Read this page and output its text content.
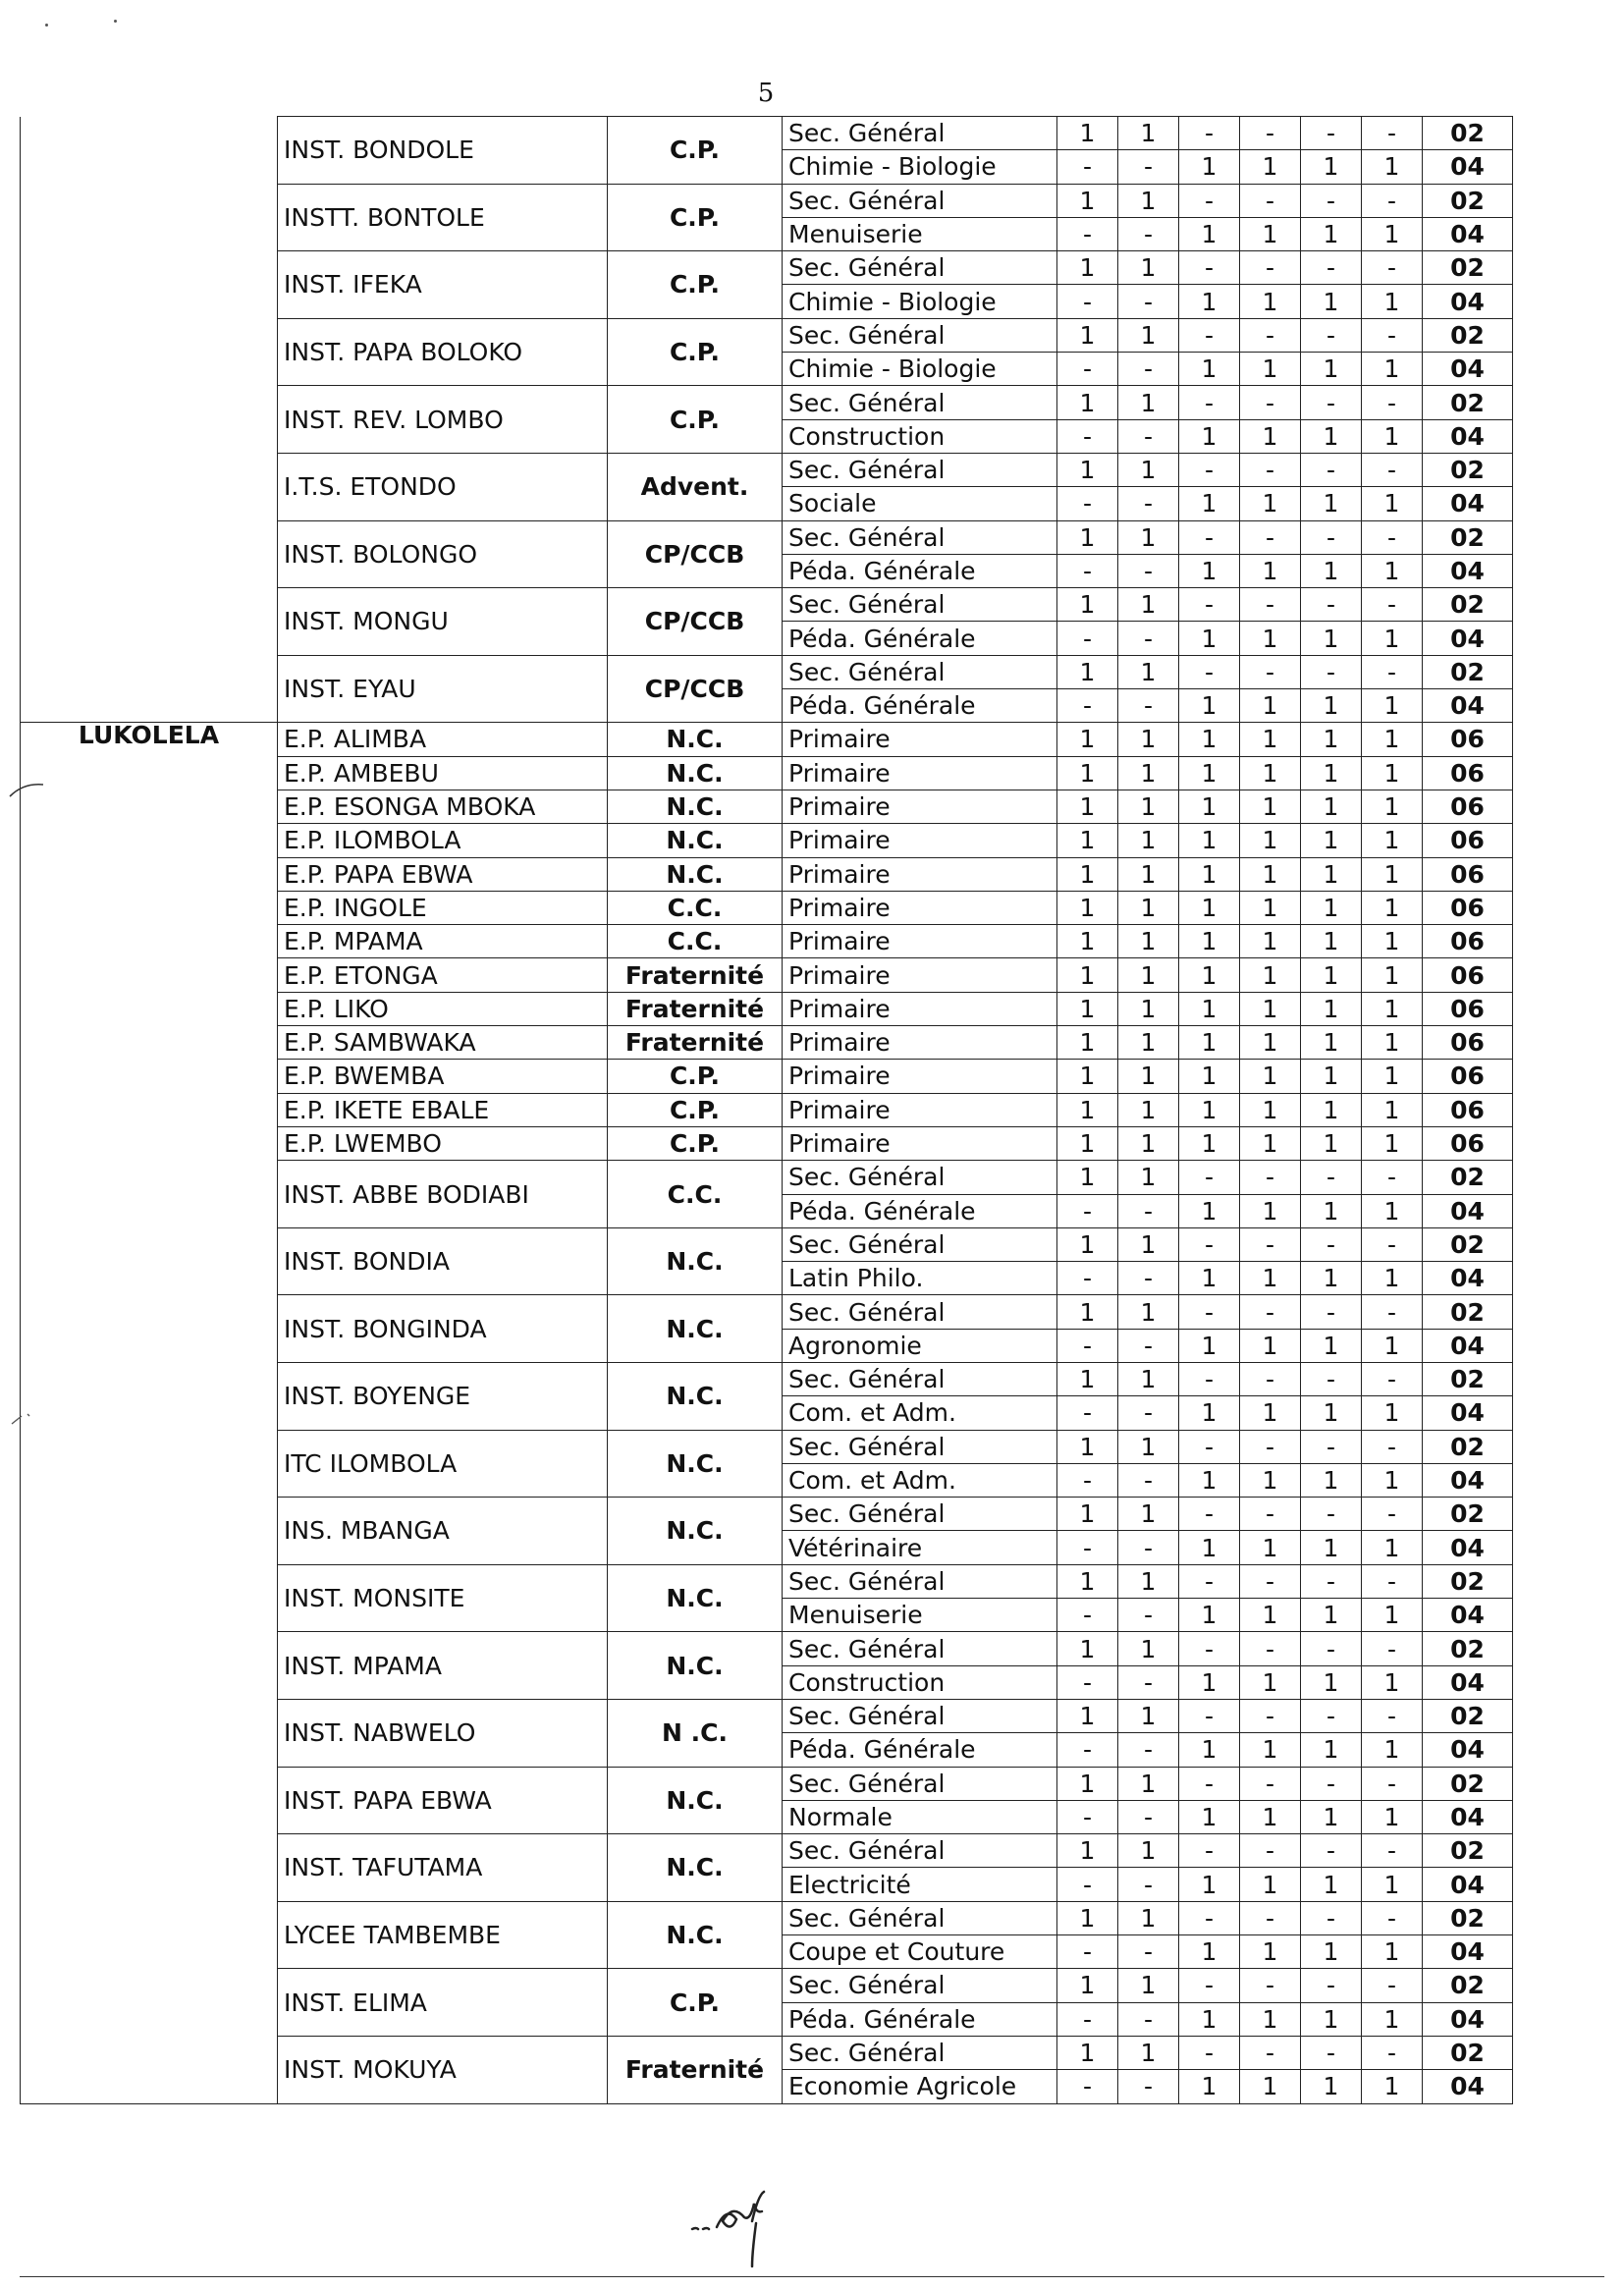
5
	INST. BONDOLE	C.P.	Sec. Général	1	1	-	-	-	-	02
			Chimie - Biologie	-	-	1	1	1	1	04
	INSTT. BONTOLE	C.P.	Sec. Général	1	1	-	-	-	-	02
			Menuiserie	-	-	1	1	1	1	04
	INST. IFEKA	C.P.	Sec. Général	1	1	-	-	-	-	02
			Chimie - Biologie	-	-	1	1	1	1	04
	INST. PAPA BOLOKO	C.P.	Sec. Général	1	1	-	-	-	-	02
			Chimie - Biologie	-	-	1	1	1	1	04
	INST. REV. LOMBO	C.P.	Sec. Général	1	1	-	-	-	-	02
			Construction	-	-	1	1	1	1	04
	I.T.S. ETONDO	Advent.	Sec. Général	1	1	-	-	-	-	02
			Sociale	-	-	1	1	1	1	04
	INST. BOLONGO	CP/CCB	Sec. Général	1	1	-	-	-	-	02
			Péda. Générale	-	-	1	1	1	1	04
	INST. MONGU	CP/CCB	Sec. Général	1	1	-	-	-	-	02
			Péda. Générale	-	-	1	1	1	1	04
	INST. EYAU	CP/CCB	Sec. Général	1	1	-	-	-	-	02
			Péda. Générale	-	-	1	1	1	1	04
LUKOLELA	E.P. ALIMBA	N.C.	Primaire	1	1	1	1	1	1	06
	E.P. AMBEBU	N.C.	Primaire	1	1	1	1	1	1	06
	E.P. ESONGA MBOKA	N.C.	Primaire	1	1	1	1	1	1	06
	E.P. ILOMBOLA	N.C.	Primaire	1	1	1	1	1	1	06
	E.P. PAPA EBWA	N.C.	Primaire	1	1	1	1	1	1	06
	E.P. INGOLE	C.C.	Primaire	1	1	1	1	1	1	06
	E.P. MPAMA	C.C.	Primaire	1	1	1	1	1	1	06
	E.P. ETONGA	Fraternité	Primaire	1	1	1	1	1	1	06
	E.P. LIKO	Fraternité	Primaire	1	1	1	1	1	1	06
	E.P. SAMBWAKA	Fraternité	Primaire	1	1	1	1	1	1	06
	E.P. BWEMBA	C.P.	Primaire	1	1	1	1	1	1	06
	E.P. IKETE EBALE	C.P.	Primaire	1	1	1	1	1	1	06
	E.P. LWEMBO	C.P.	Primaire	1	1	1	1	1	1	06
	INST. ABBE BODIABI	C.C.	Sec. Général	1	1	-	-	-	-	02
			Péda. Générale	-	-	1	1	1	1	04
	INST. BONDIA	N.C.	Sec. Général	1	1	-	-	-	-	02
			Latin Philo.	-	-	1	1	1	1	04
	INST. BONGINDA	N.C.	Sec. Général	1	1	-	-	-	-	02
			Agronomie	-	-	1	1	1	1	04
	INST. BOYENGE	N.C.	Sec. Général	1	1	-	-	-	-	02
			Com. et Adm.	-	-	1	1	1	1	04
	ITC ILOMBOLA	N.C.	Sec. Général	1	1	-	-	-	-	02
			Com. et Adm.	-	-	1	1	1	1	04
	INS. MBANGA	N.C.	Sec. Général	1	1	-	-	-	-	02
			Vétérinaire	-	-	1	1	1	1	04
	INST. MONSITE	N.C.	Sec. Général	1	1	-	-	-	-	02
			Menuiserie	-	-	1	1	1	1	04
	INST. MPAMA	N.C.	Sec. Général	1	1	-	-	-	-	02
			Construction	-	-	1	1	1	1	04
	INST. NABWELO	N .C.	Sec. Général	1	1	-	-	-	-	02
			Péda. Générale	-	-	1	1	1	1	04
	INST. PAPA EBWA	N.C.	Sec. Général	1	1	-	-	-	-	02
			Normale	-	-	1	1	1	1	04
	INST. TAFUTAMA	N.C.	Sec. Général	1	1	-	-	-	-	02
			Electricité	-	-	1	1	1	1	04
	LYCEE TAMBEMBE	N.C.	Sec. Général	1	1	-	-	-	-	02
			Coupe et Couture	-	-	1	1	1	1	04
	INST. ELIMA	C.P.	Sec. Général	1	1	-	-	-	-	02
			Péda. Générale	-	-	1	1	1	1	04
	INST. MOKUYA	Fraternité	Sec. Général	1	1	-	-	-	-	02
			Economie Agricole	-	-	1	1	1	1	04
